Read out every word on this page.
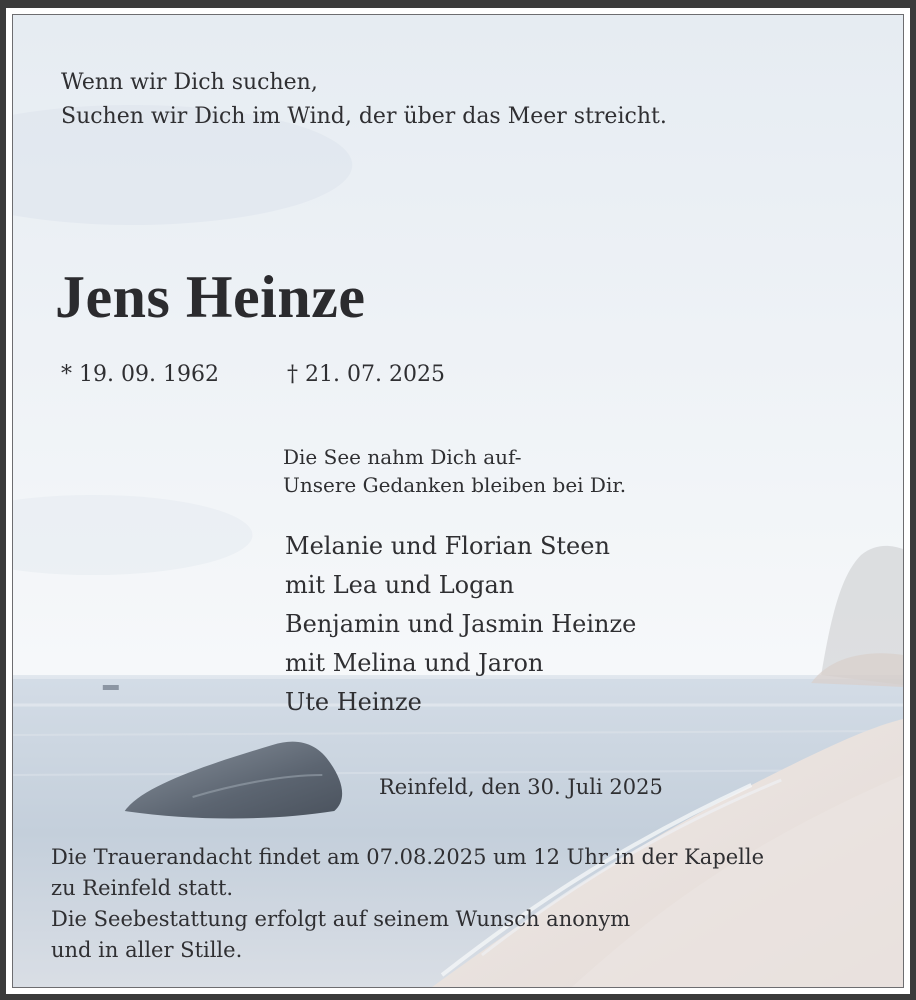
Wenn wir Dich suchen,
Suchen wir Dich im Wind, der über das Meer streicht.
Jens Heinze
* 19. 09. 1962	† 21. 07. 2025
Die See nahm Dich auf-
Unsere Gedanken bleiben bei Dir.
Melanie und Florian Steen
mit Lea und Logan
Benjamin und Jasmin Heinze
mit Melina und Jaron
Ute Heinze
Reinfeld, den 30. Juli 2025
Die Trauerandacht findet am 07.08.2025 um 12 Uhr in der Kapelle
zu Reinfeld statt.
Die Seebestattung erfolgt auf seinem Wunsch anonym
und in aller Stille.
